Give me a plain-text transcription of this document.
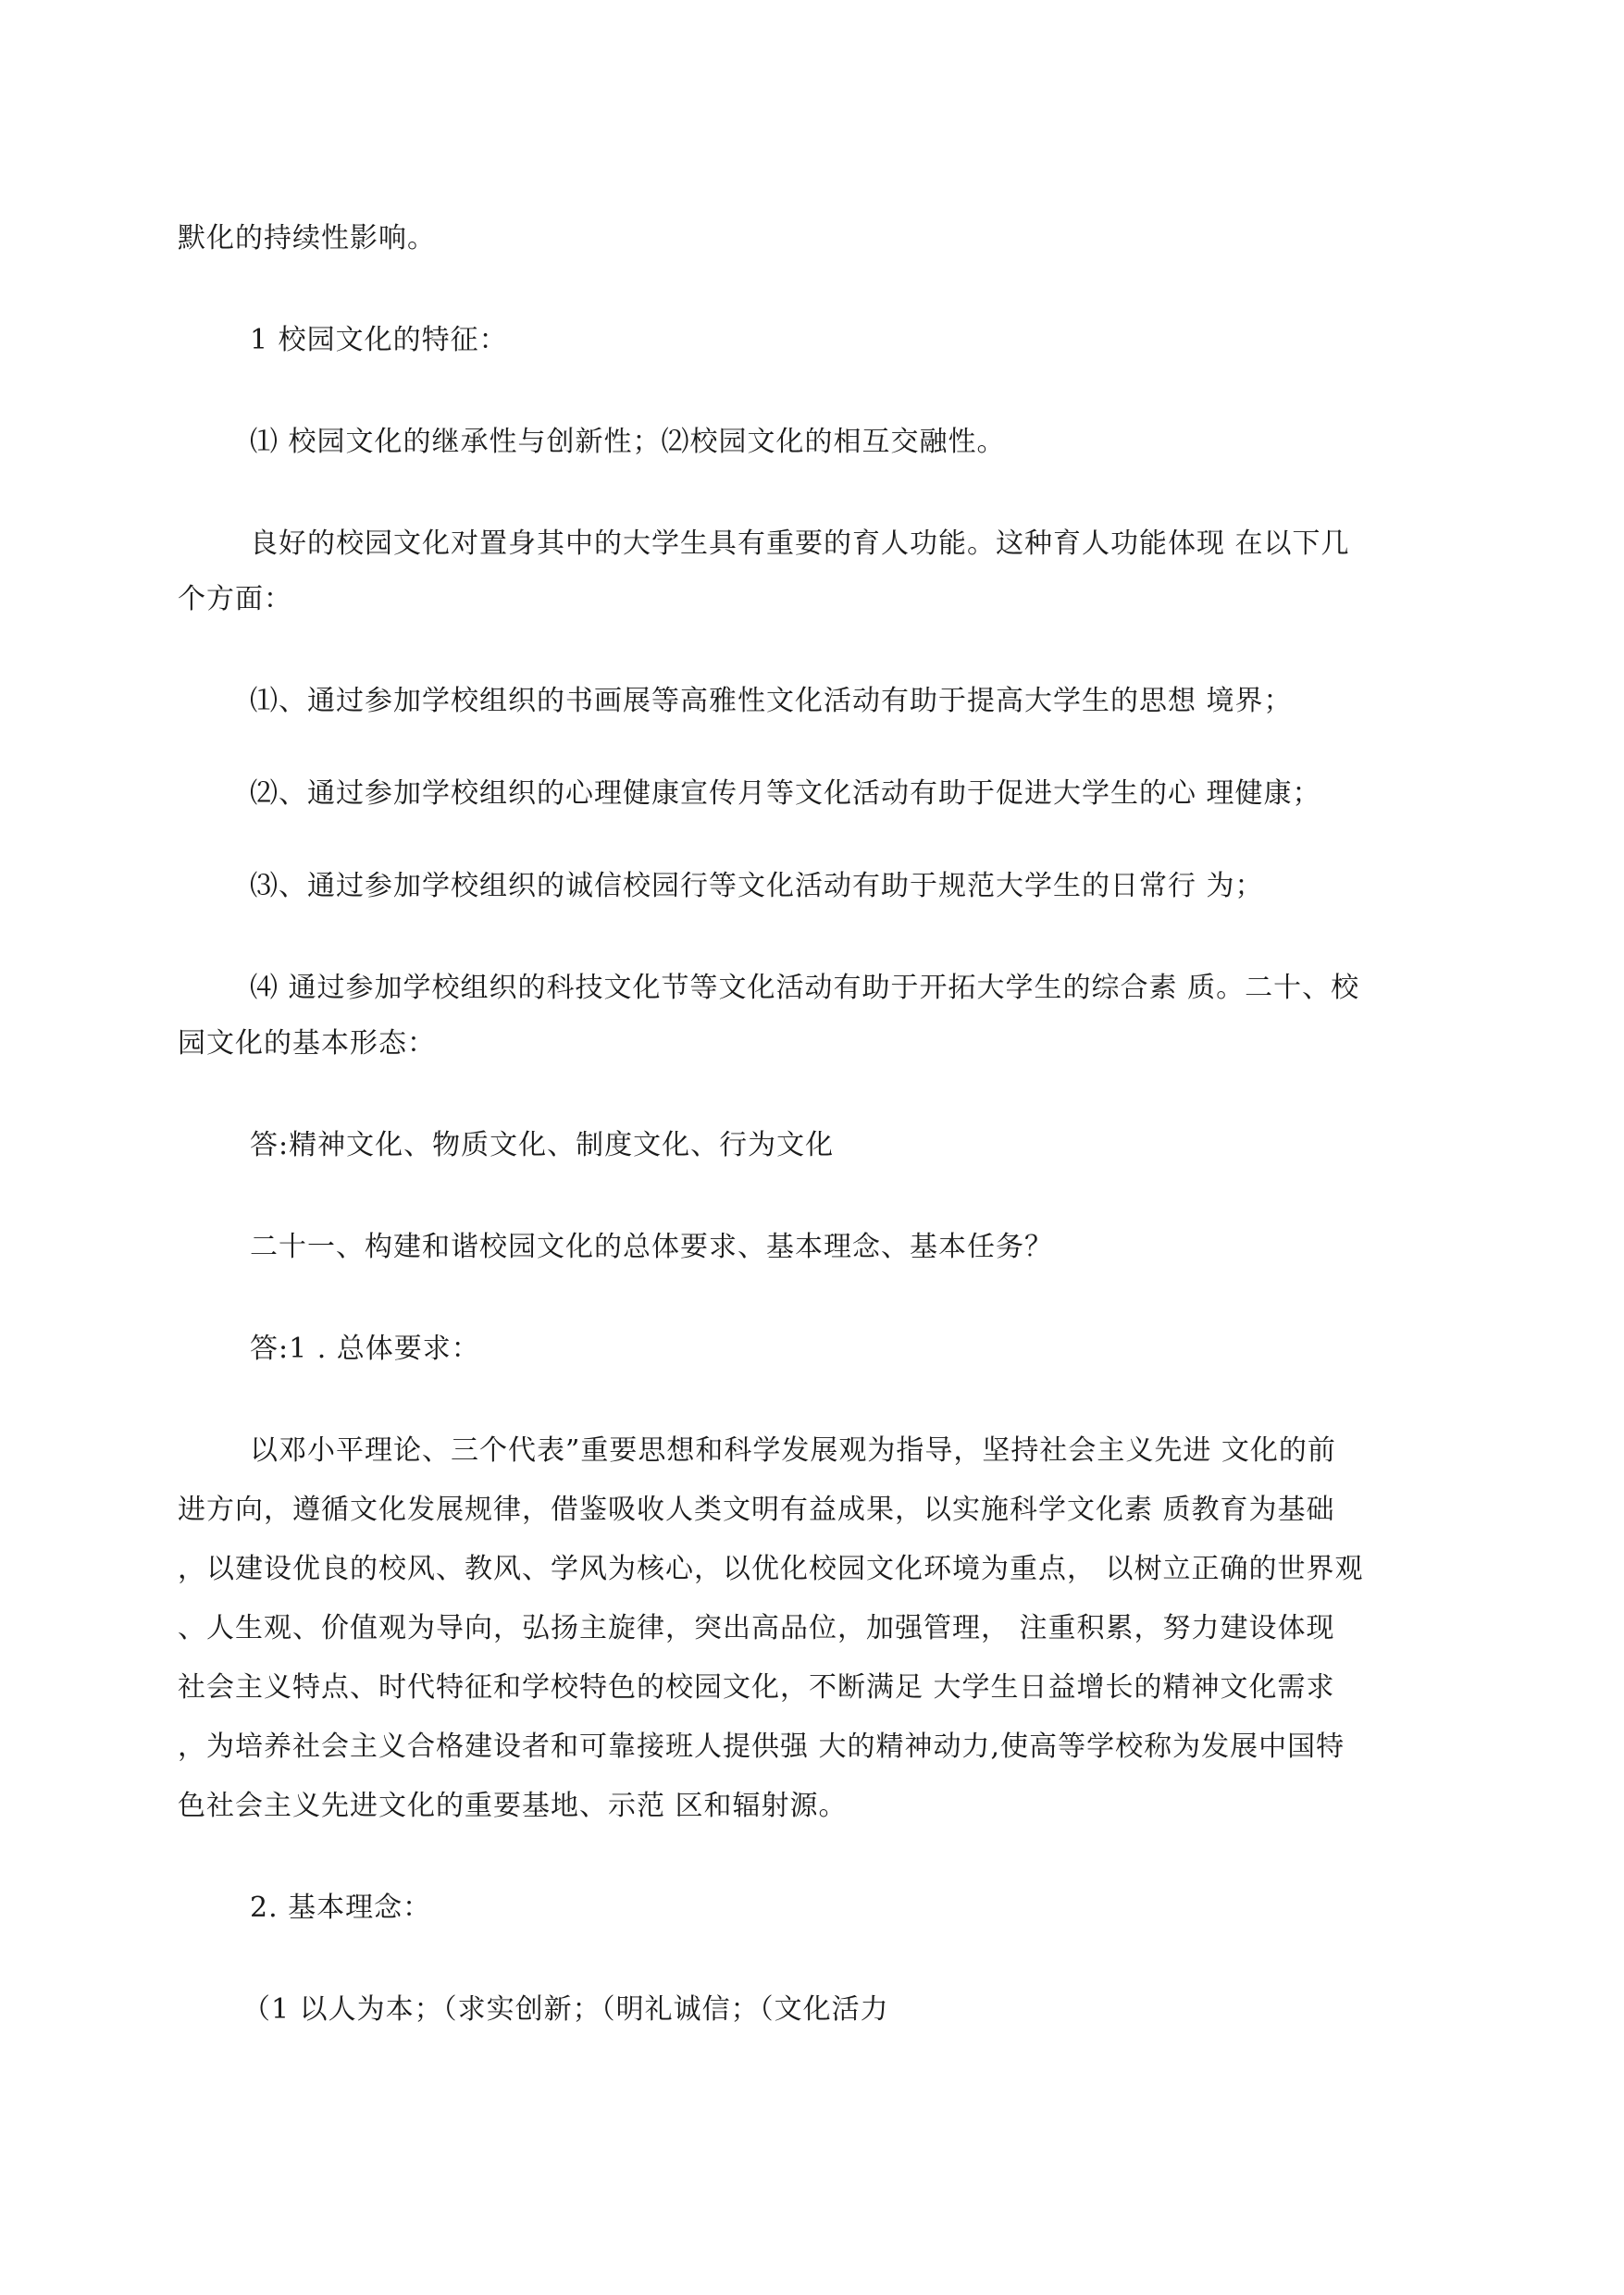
默化的持续性影响。
1 校园文化的特征：
⑴ 校园文化的继承性与创新性；⑵校园文化的相互交融性。
良好的校园文化对置身其中的大学生具有重要的育人功能。这种育人功能体现 在以下几
个方面：
⑴、通过参加学校组织的书画展等高雅性文化活动有助于提高大学生的思想 境界；
⑵、通过参加学校组织的心理健康宣传月等文化活动有助于促进大学生的心 理健康；
⑶、通过参加学校组织的诚信校园行等文化活动有助于规范大学生的日常行 为；
⑷ 通过参加学校组织的科技文化节等文化活动有助于开拓大学生的综合素 质。二十、校
园文化的基本形态：
答:精神文化、物质文化、制度文化、行为文化
二十一、构建和谐校园文化的总体要求、基本理念、基本任务？
答:1 . 总体要求：
以邓小平理论、三个代表”重要思想和科学发展观为指导，坚持社会主义先进 文化的前
进方向，遵循文化发展规律，借鉴吸收人类文明有益成果，以实施科学文化素 质教育为基础
，以建设优良的校风、教风、学风为核心，以优化校园文化环境为重点， 以树立正确的世界观
、人生观、价值观为导向，弘扬主旋律，突出高品位，加强管理， 注重积累，努力建设体现
社会主义特点、时代特征和学校特色的校园文化，不断满足 大学生日益增长的精神文化需求
，为培养社会主义合格建设者和可靠接班人提供强 大的精神动力,使高等学校称为发展中国特
色社会主义先进文化的重要基地、示范 区和辐射源。
2. 基本理念：
（1 以人为本；（求实创新；（明礼诚信；（文化活力
